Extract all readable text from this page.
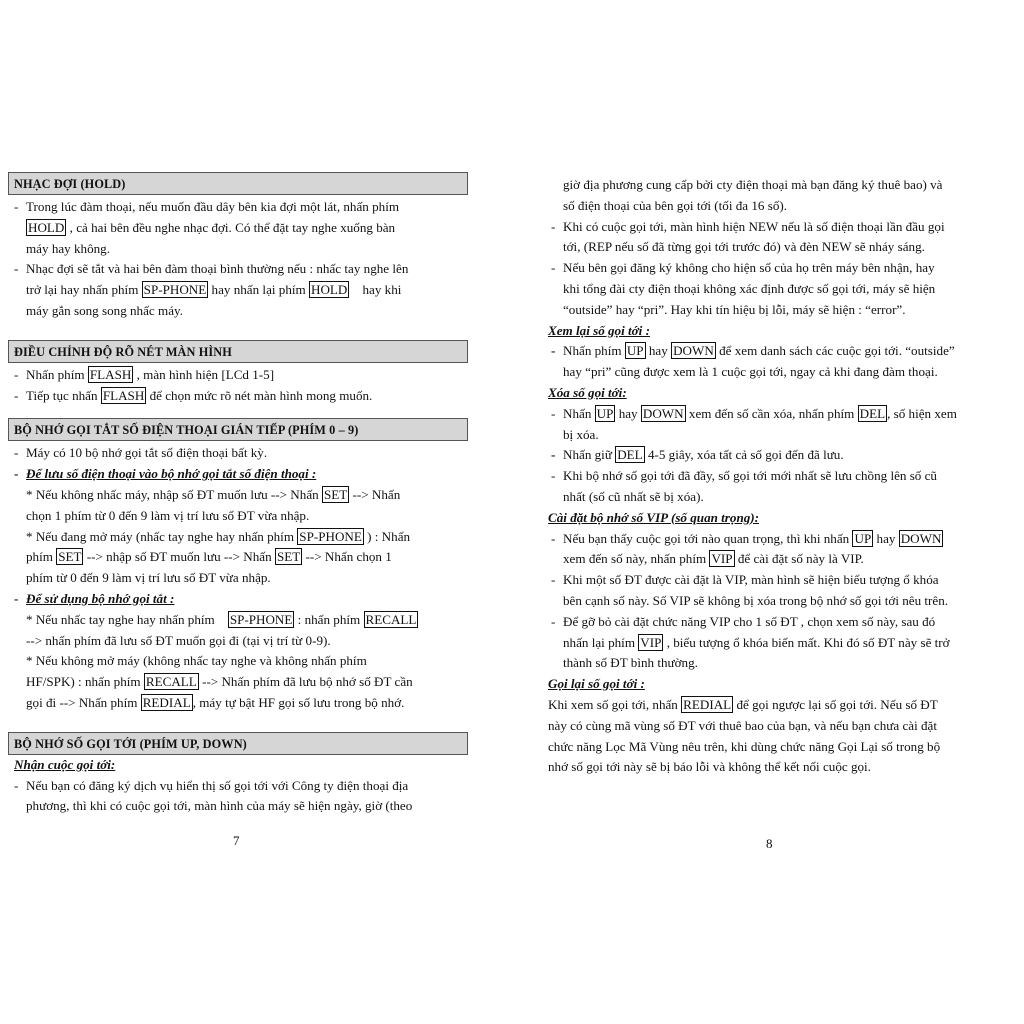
NHẠC ĐỢI (HOLD)
- Trong lúc đàm thoại, nếu muốn đầu dây bên kia đợi một lát, nhấn phím
HOLD , cả hai bên đều nghe nhạc đợi. Có thể đặt tay nghe xuống bàn
máy hay không.
- Nhạc đợi sẽ tắt và hai bên đàm thoại bình thường nếu : nhấc tay nghe lên
trở lại hay nhấn phím SP-PHONE hay nhấn lại phím HOLD hay khi
máy gắn song song nhấc máy.
ĐIỀU CHỈNH ĐỘ RÕ NÉT MÀN HÌNH
- Nhấn phím FLASH , màn hình hiện [LCd 1-5]
- Tiếp tục nhấn FLASH để chọn mức rõ nét màn hình mong muốn.
BỘ NHỚ GỌI TẮT SỐ ĐIỆN THOẠI GIÁN TIẾP (PHÍM 0 – 9)
- Máy có 10 bộ nhớ gọi tắt số điện thoại bất kỳ.
- Để lưu số điện thoại vào bộ nhớ gọi tắt số điện thoại :
* Nếu không nhấc máy, nhập số ĐT muốn lưu --> Nhấn SET --> Nhấn
chọn 1 phím từ 0 đến 9 làm vị trí lưu số ĐT vừa nhập.
* Nếu đang mở máy (nhấc tay nghe hay nhấn phím SP-PHONE ) : Nhấn
phím SET --> nhập số ĐT muốn lưu --> Nhấn SET --> Nhấn chọn 1
phím từ 0 đến 9 làm vị trí lưu số ĐT vừa nhập.
- Để sử dụng bộ nhớ gọi tắt :
* Nếu nhấc tay nghe hay nhấn phím SP-PHONE : nhấn phím RECALL
--> nhấn phím đã lưu số ĐT muốn gọi đi (tại vị trí từ 0-9).
* Nếu không mở máy (không nhấc tay nghe và không nhấn phím
HF/SPK) : nhấn phím RECALL --> Nhấn phím đã lưu bộ nhớ số ĐT cần
gọi đi --> Nhấn phím REDIAL , máy tự bật HF gọi số lưu trong bộ nhớ.
BỘ NHỚ SỐ GỌI TỚI (PHÍM UP, DOWN)
Nhận cuộc gọi tới:
- Nếu bạn có đăng ký dịch vụ hiển thị số gọi tới với Công ty điện thoại địa
phương, thì khi có cuộc gọi tới, màn hình của máy sẽ hiện ngày, giờ (theo
7
giờ địa phương cung cấp bởi cty điện thoại mà bạn đăng ký thuê bao) và
số điện thoại của bên gọi tới (tối đa 16 số).
- Khi có cuộc gọi tới, màn hình hiện NEW nếu là số điện thoại lần đầu gọi
tới, (REP nếu số đã từng gọi tới trước đó) và đèn NEW sẽ nháy sáng.
- Nếu bên gọi đăng ký không cho hiện số của họ trên máy bên nhận, hay
khi tổng đài cty điện thoại không xác định được số gọi tới, máy sẽ hiện
“outside” hay “pri”. Hay khi tín hiệu bị lỗi, máy sẽ hiện : “error”.
Xem lại số gọi tới :
- Nhấn phím UP hay DOWN để xem danh sách các cuộc gọi tới. “outside”
hay “pri” cũng được xem là 1 cuộc gọi tới, ngay cả khi đang đàm thoại.
Xóa số gọi tới:
- Nhấn UP hay DOWN xem đến số cần xóa, nhấn phím DEL , số hiện xem
bị xóa.
- Nhấn giữ DEL 4-5 giây, xóa tất cả số gọi đến đã lưu.
- Khi bộ nhớ số gọi tới đã đầy, số gọi tới mới nhất sẽ lưu chồng lên số cũ
nhất (số cũ nhất sẽ bị xóa).
Cài đặt bộ nhớ số VIP (số quan trọng):
- Nếu bạn thấy cuộc gọi tới nào quan trọng, thì khi nhấn UP hay DOWN
xem đến số này, nhấn phím VIP để cài đặt số này là VIP.
- Khi một số ĐT được cài đặt là VIP, màn hình sẽ hiện biểu tượng ổ khóa
bên cạnh số này. Số VIP sẽ không bị xóa trong bộ nhớ số gọi tới nêu trên.
- Để gỡ bỏ cài đặt chức năng VIP cho 1 số ĐT , chọn xem số này, sau đó
nhấn lại phím VIP , biểu tượng ổ khóa biến mất. Khi đó số ĐT này sẽ trở
thành số ĐT bình thường.
Gọi lại số gọi tới :
Khi xem số gọi tới, nhấn REDIAL để gọi ngược lại số gọi tới. Nếu số ĐT
này có cùng mã vùng số ĐT với thuê bao của bạn, và nếu bạn chưa cài đặt
chức năng Lọc Mã Vùng nêu trên, khi dùng chức năng Gọi Lại số trong bộ
nhớ số gọi tới này sẽ bị báo lỗi và không thể kết nối cuộc gọi.
8
